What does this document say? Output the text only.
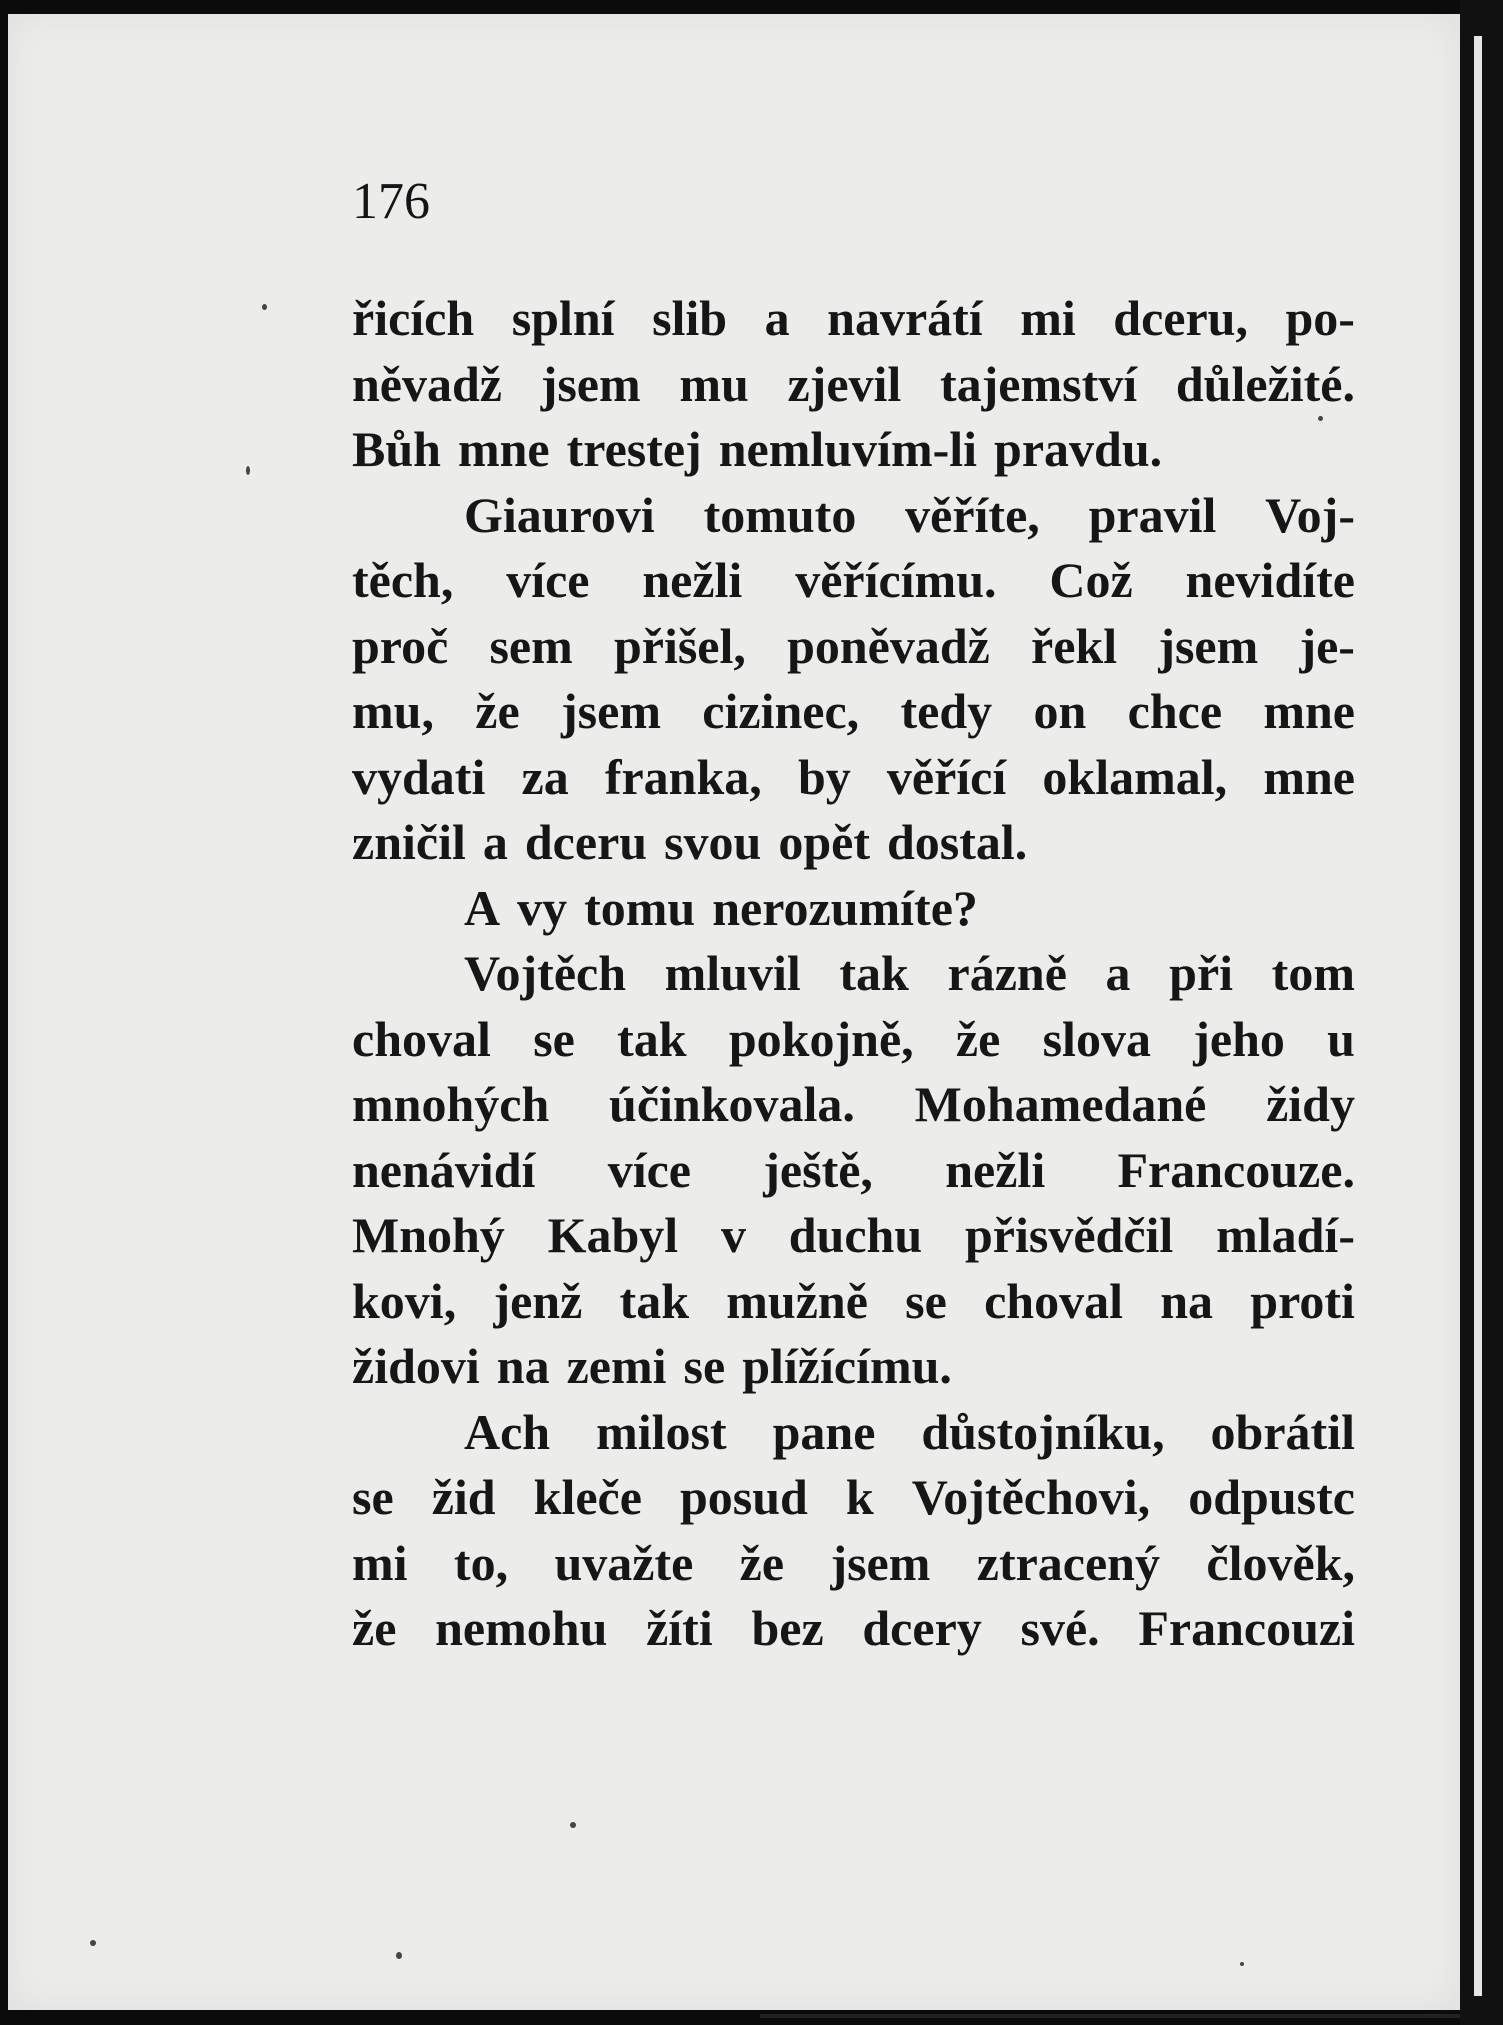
176
řicích splní slib a navrátí mi dceru, po-
něvadž jsem mu zjevil tajemství důležité.
Bůh mne trestej nemluvím-li pravdu.
Giaurovi tomuto věříte, pravil Voj-
těch, více nežli věřícímu. Což nevidíte
proč sem přišel, poněvadž řekl jsem je-
mu, že jsem cizinec, tedy on chce mne
vydati za franka, by věřící oklamal, mne
zničil a dceru svou opět dostal.
A vy tomu nerozumíte?
Vojtěch mluvil tak rázně a při tom
choval se tak pokojně, že slova jeho u
mnohých účinkovala. Mohamedané židy
nenávidí více ještě, nežli Francouze.
Mnohý Kabyl v duchu přisvědčil mladí-
kovi, jenž tak mužně se choval na proti
židovi na zemi se plížícímu.
Ach milost pane důstojníku, obrátil
se žid kleče posud k Vojtěchovi, odpustc
mi to, uvažte že jsem ztracený člověk,
že nemohu žíti bez dcery své. Francouzi
